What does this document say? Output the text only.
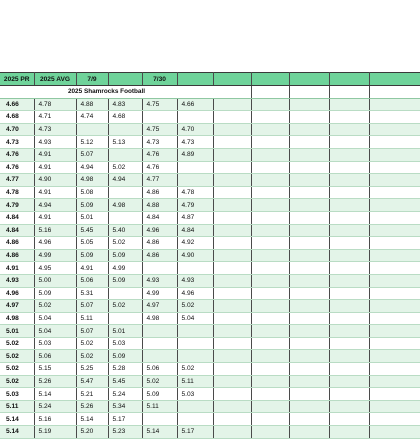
2025 PR	2025 AVG	7/9		7/30						
2025 Shamrocks Football										
4.66	4.78	4.88	4.83	4.75	4.66					
4.68	4.71	4.74	4.68							
4.70	4.73			4.75	4.70					
4.73	4.93	5.12	5.13	4.73	4.73					
4.76	4.91	5.07		4.76	4.89					
4.76	4.91	4.94	5.02	4.76						
4.77	4.90	4.98	4.94	4.77						
4.78	4.91	5.08		4.86	4.78					
4.79	4.94	5.09	4.98	4.88	4.79					
4.84	4.91	5.01		4.84	4.87					
4.84	5.16	5.45	5.40	4.96	4.84					
4.86	4.96	5.05	5.02	4.86	4.92					
4.86	4.99	5.09	5.09	4.86	4.90					
4.91	4.95	4.91	4.99							
4.93	5.00	5.06	5.09	4.93	4.93					
4.96	5.09	5.31		4.99	4.96					
4.97	5.02	5.07	5.02	4.97	5.02					
4.98	5.04	5.11		4.98	5.04					
5.01	5.04	5.07	5.01							
5.02	5.03	5.02	5.03							
5.02	5.06	5.02	5.09							
5.02	5.15	5.25	5.28	5.06	5.02					
5.02	5.26	5.47	5.45	5.02	5.11					
5.03	5.14	5.21	5.24	5.09	5.03					
5.11	5.24	5.26	5.34	5.11						
5.14	5.16	5.14	5.17							
5.14	5.19	5.20	5.23	5.14	5.17					
